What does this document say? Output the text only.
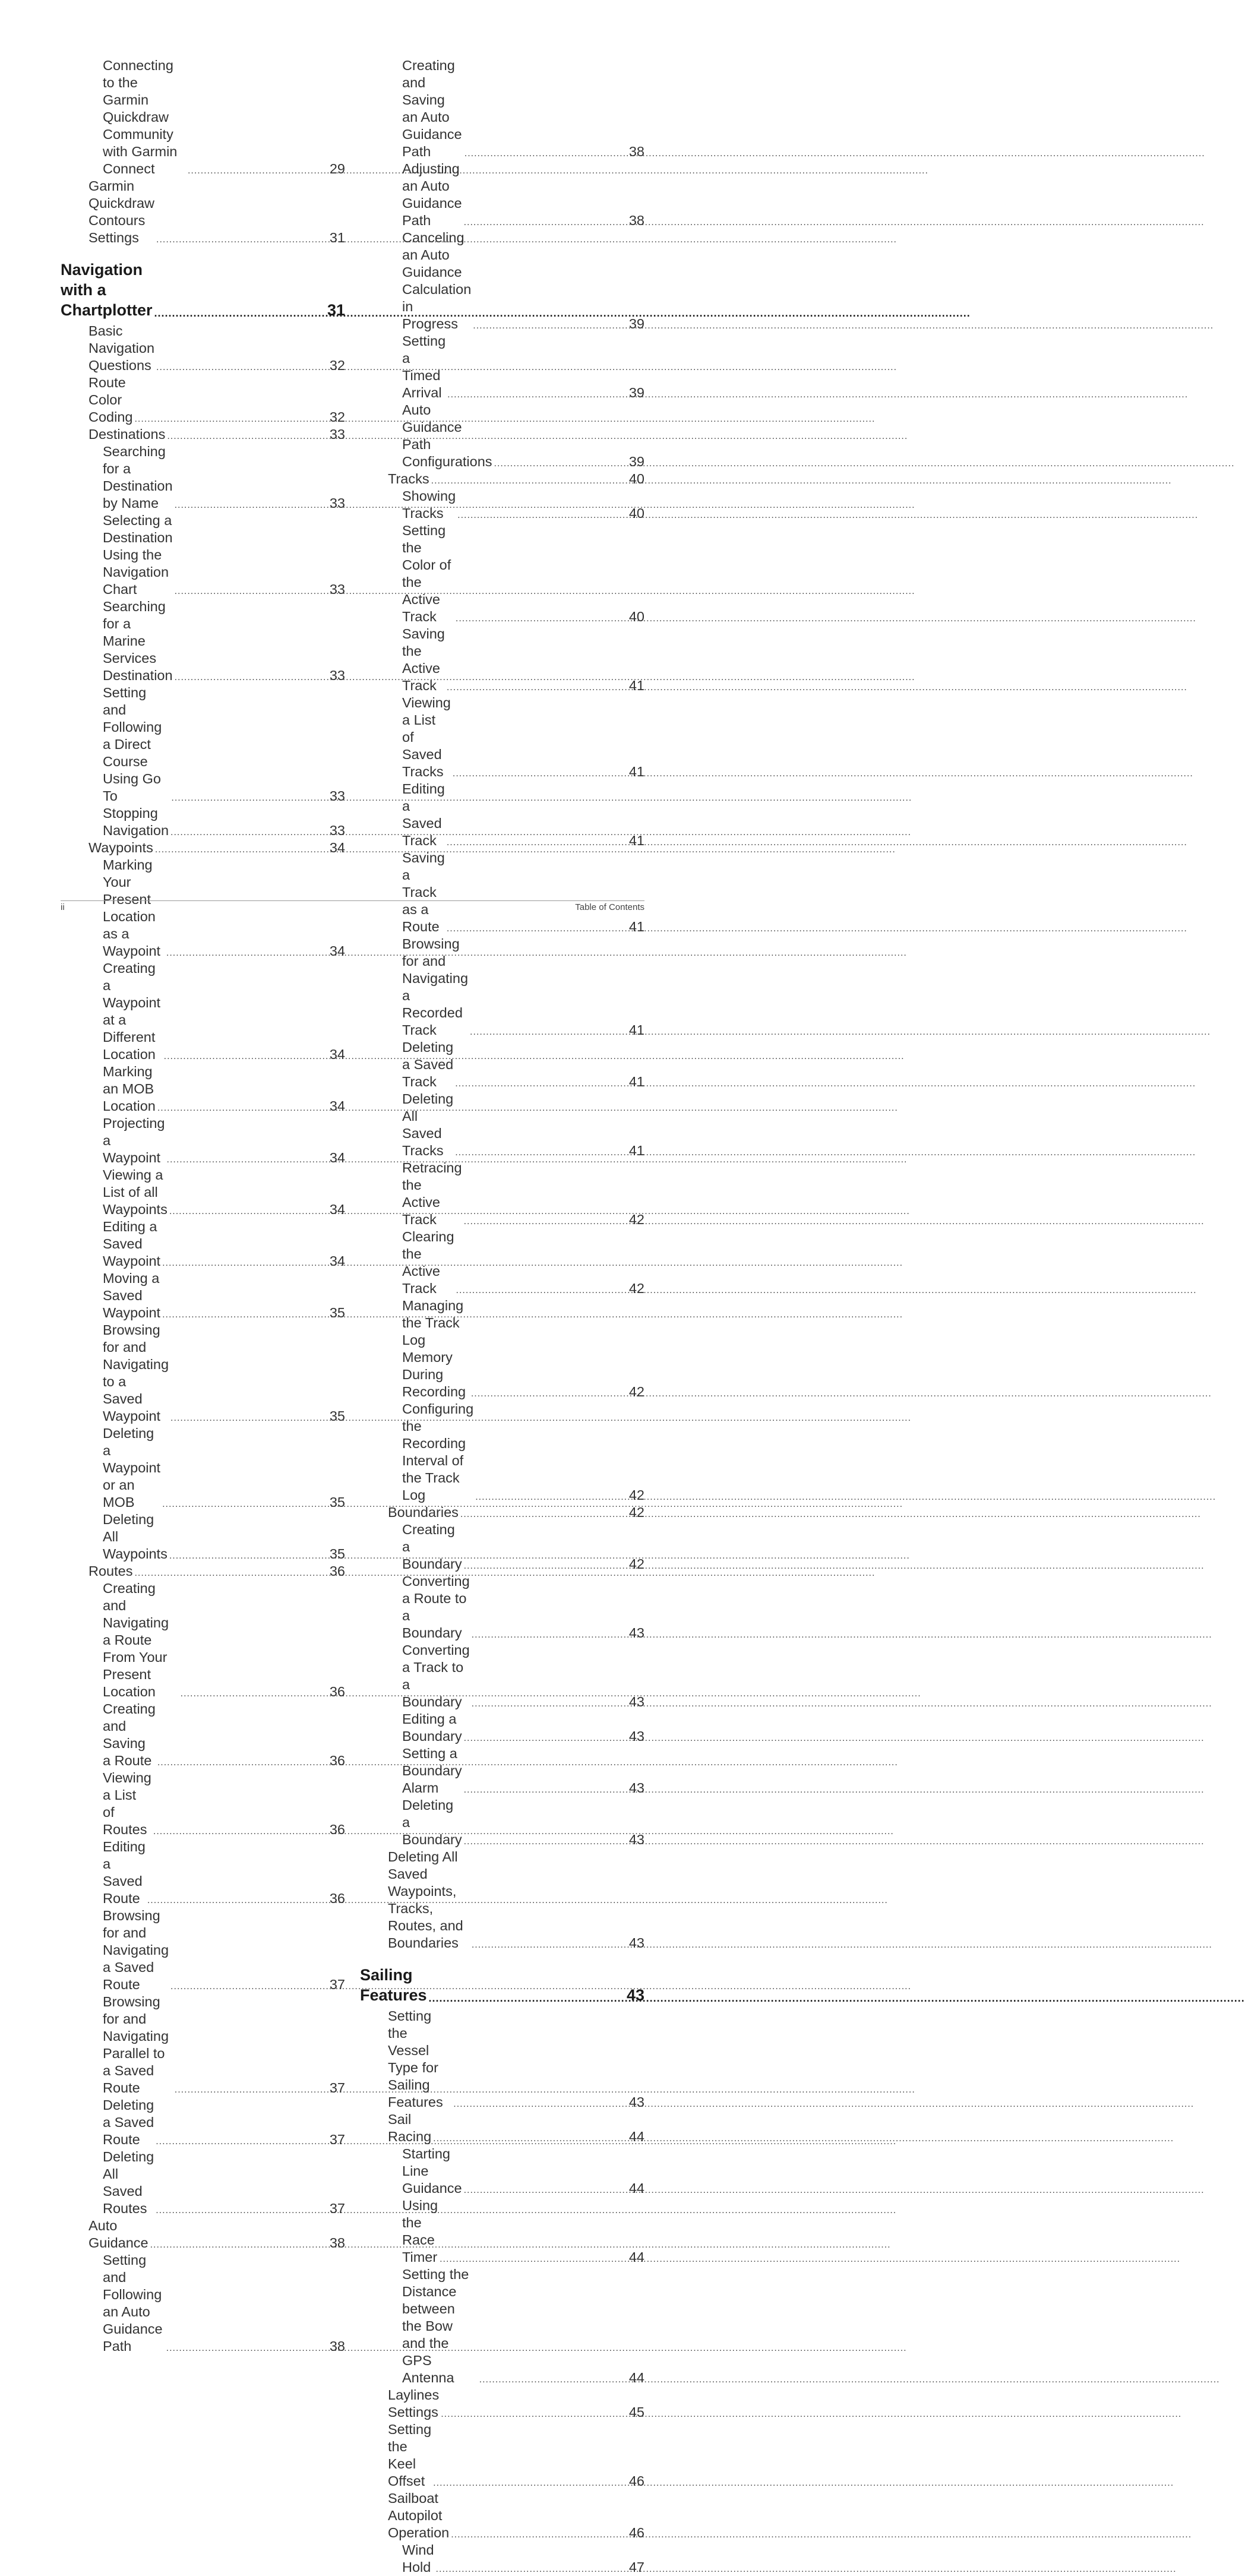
Connecting to the Garmin Quickdraw Community with Garmin Connect .....	29
Garmin Quickdraw Contours Settings .....	31
Navigation with a Chartplotter .....	31
Basic Navigation Questions .....	32
Route Color Coding .....	32
Destinations .....	33
Searching for a Destination by Name .....	33
Selecting a Destination Using the Navigation Chart .....	33
Searching for a Marine Services Destination .....	33
Setting and Following a Direct Course Using Go To .....	33
Stopping Navigation .....	33
Waypoints .....	34
Marking Your Present Location as a Waypoint .....	34
Creating a Waypoint at a Different Location .....	34
Marking an MOB Location .....	34
Projecting a Waypoint .....	34
Viewing a List of all Waypoints .....	34
Editing a Saved Waypoint .....	34
Moving a Saved Waypoint .....	35
Browsing for and Navigating to a Saved Waypoint .....	35
Deleting a Waypoint or an MOB .....	35
Deleting All Waypoints .....	35
Routes .....	36
Creating and Navigating a Route From Your Present Location .....	36
Creating and Saving a Route .....	36
Viewing a List of Routes .....	36
Editing a Saved Route .....	36
Browsing for and Navigating a Saved Route .....	37
Browsing for and Navigating Parallel to a Saved Route .....	37
Deleting a Saved Route .....	37
Deleting All Saved Routes .....	37
Auto Guidance .....	38
Setting and Following an Auto Guidance Path .....	38
Creating and Saving an Auto Guidance Path .....	38
Adjusting an Auto Guidance Path .....	38
Canceling an Auto Guidance Calculation in Progress .....	39
Setting a Timed Arrival .....	39
Auto Guidance Path Configurations .....	39
Tracks .....	40
Showing Tracks .....	40
Setting the Color of the Active Track .....	40
Saving the Active Track .....	41
Viewing a List of Saved Tracks .....	41
Editing a Saved Track .....	41
Saving a Track as a Route .....	41
Browsing for and Navigating a Recorded Track .....	41
Deleting a Saved Track .....	41
Deleting All Saved Tracks .....	41
Retracing the Active Track .....	42
Clearing the Active Track .....	42
Managing the Track Log Memory During Recording .....	42
Configuring the Recording Interval of the Track Log .....	42
Boundaries .....	42
Creating a Boundary .....	42
Converting a Route to a Boundary .....	43
Converting a Track to a Boundary .....	43
Editing a Boundary .....	43
Setting a Boundary Alarm .....	43
Deleting a Boundary .....	43
Deleting All Saved Waypoints, Tracks, Routes, and Boundaries .....	43
Sailing Features .....	43
Setting the Vessel Type for Sailing Features .....	43
Sail Racing .....	44
Starting Line Guidance .....	44
Using the Race Timer .....	44
Setting the Distance between the Bow and the GPS Antenna .....	44
Laylines Settings .....	45
Setting the Keel Offset .....	46
Sailboat Autopilot Operation .....	46
Wind Hold .....	47
ii	Table of Contents
